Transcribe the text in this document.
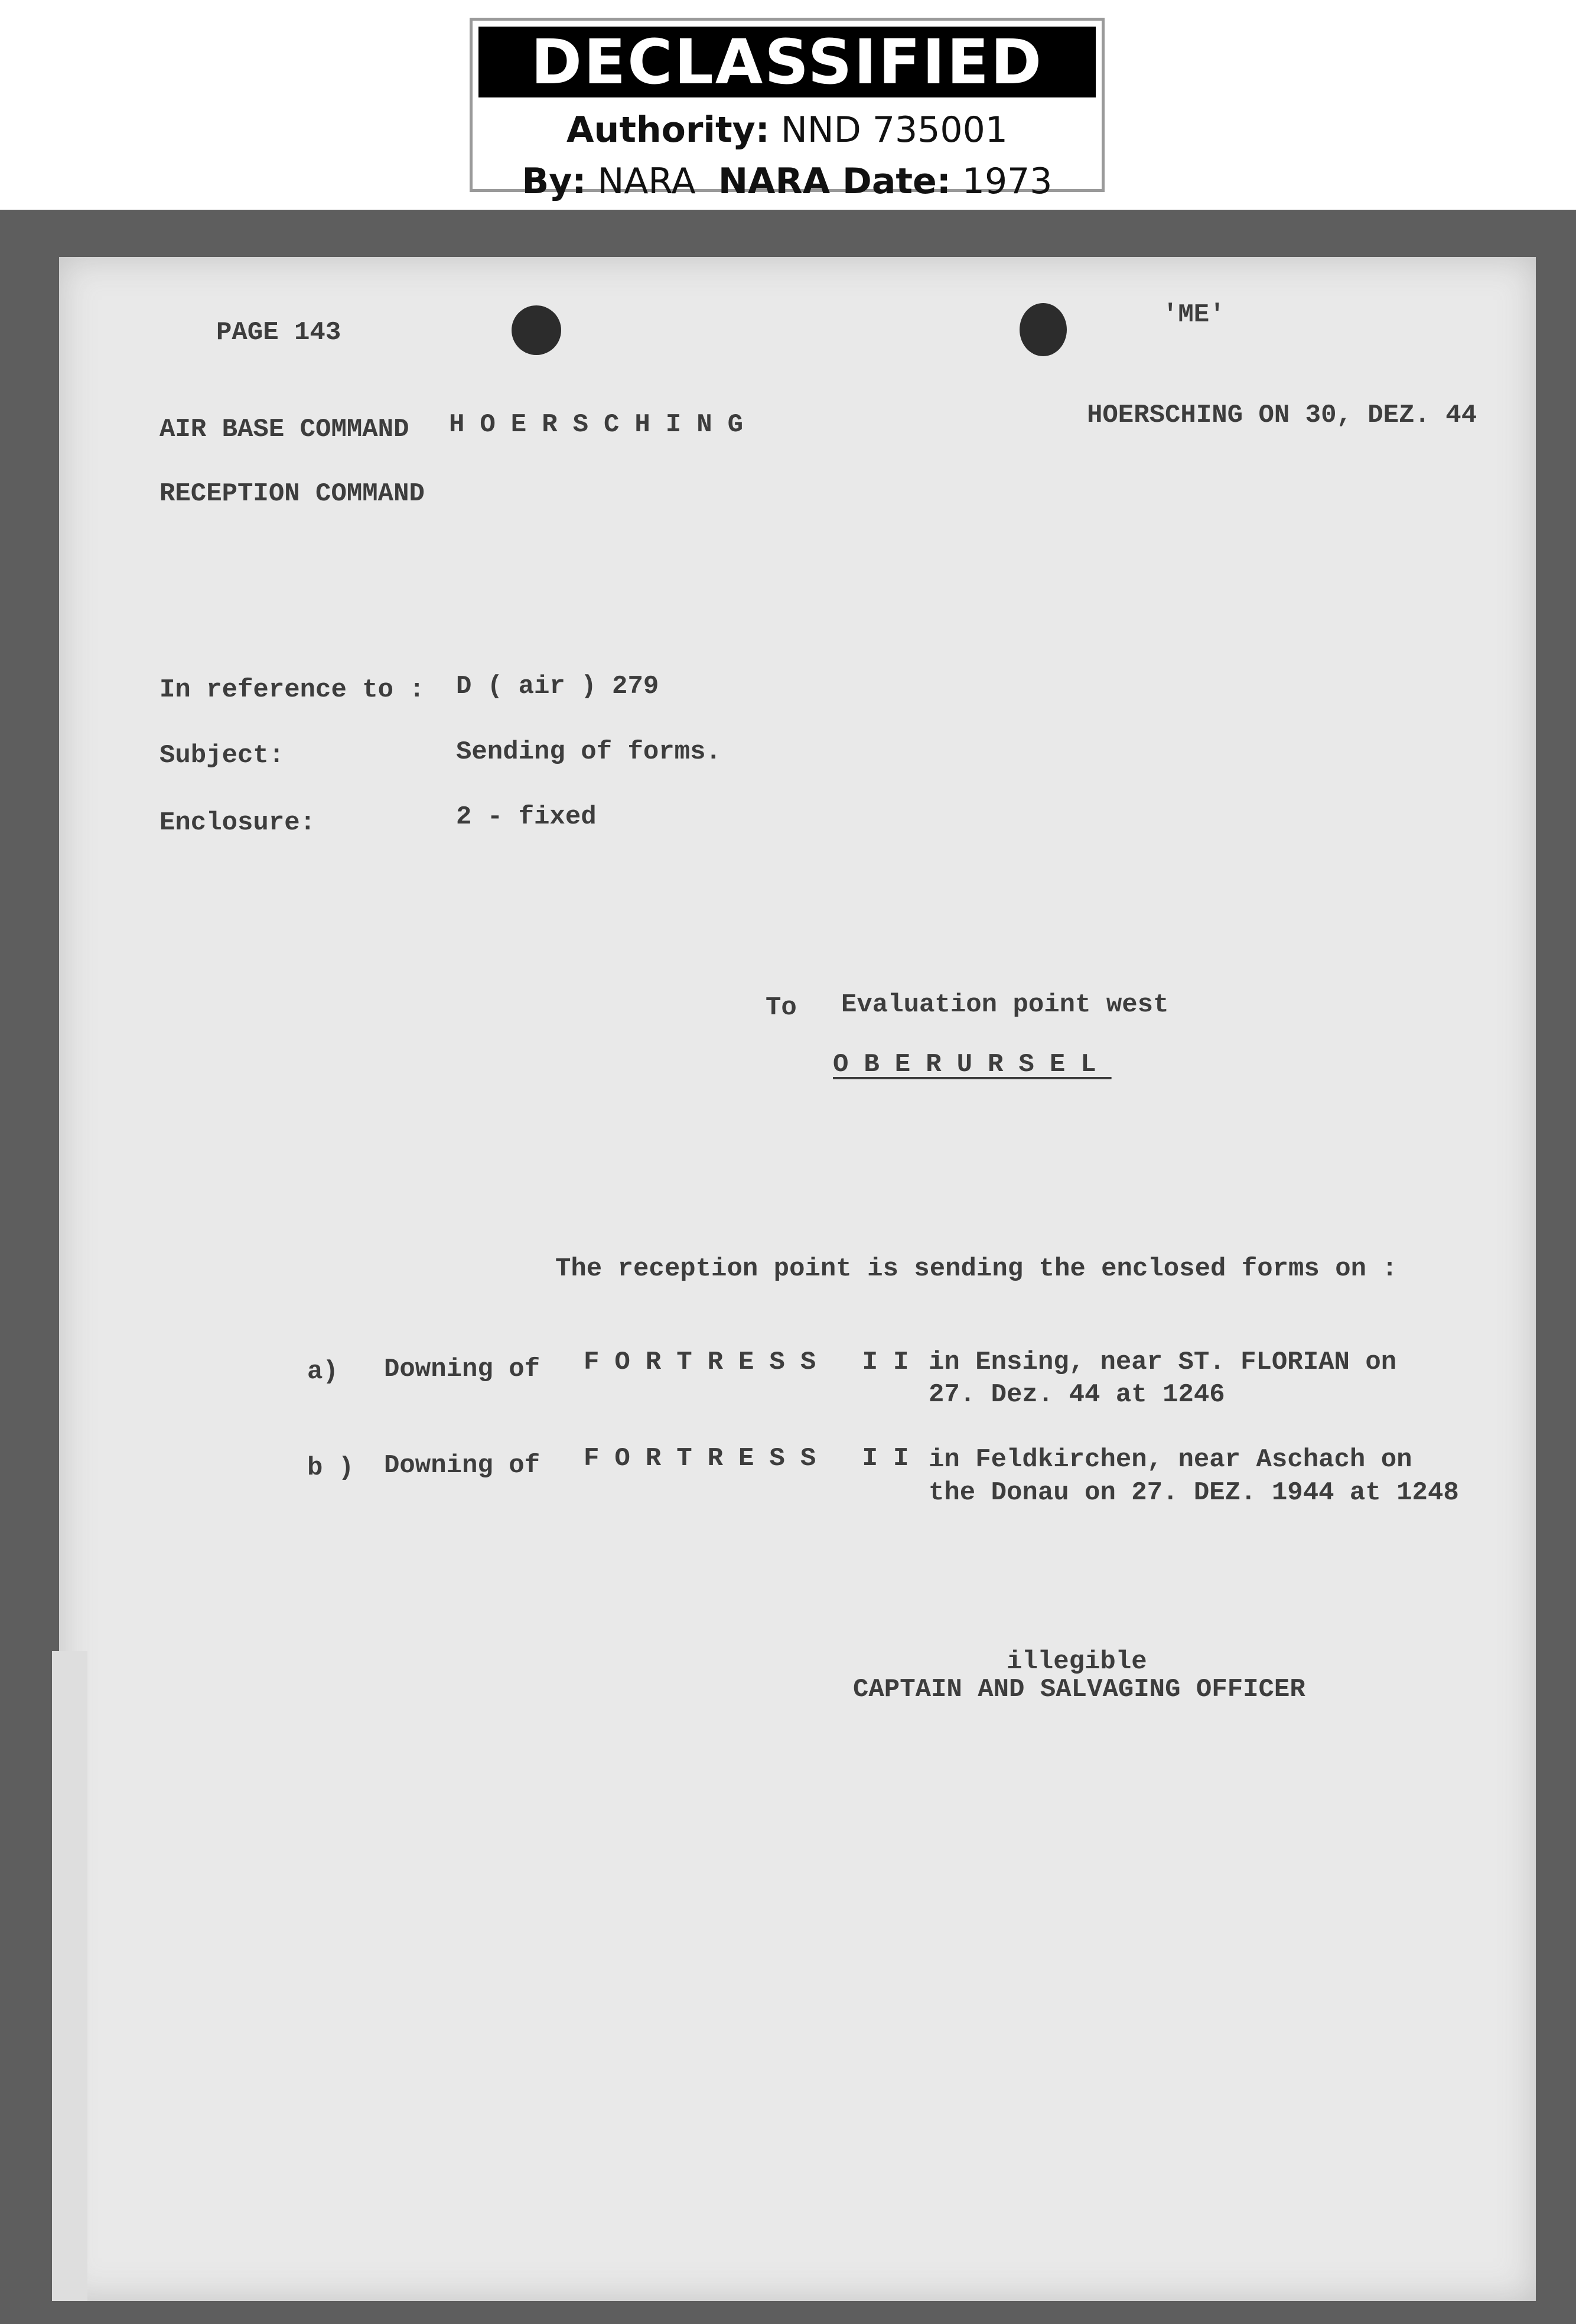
DECLASSIFIED
Authority: NND 735001
By: NARA NARA Date: 1973
PAGE 143
'ME'
AIR BASE COMMAND HOERSCHING	HOERSCHING ON 30, DEZ. 44
RECEPTION COMMAND
In reference to : D ( air ) 279
Subject:	Sending of forms.
Enclosure:	2 - fixed
To Evaluation point west
OBERURSEL
The reception point is sending the enclosed forms on :
a) Downing of FORTRESS II in Ensing, near ST. FLORIAN on
27. Dez. 44 at 1246
b ) Downing of FORTRESS II in Feldkirchen, near Aschach on
the Donau on 27. DEZ. 1944 at 1248
illegible
CAPTAIN AND SALVAGING OFFICER
